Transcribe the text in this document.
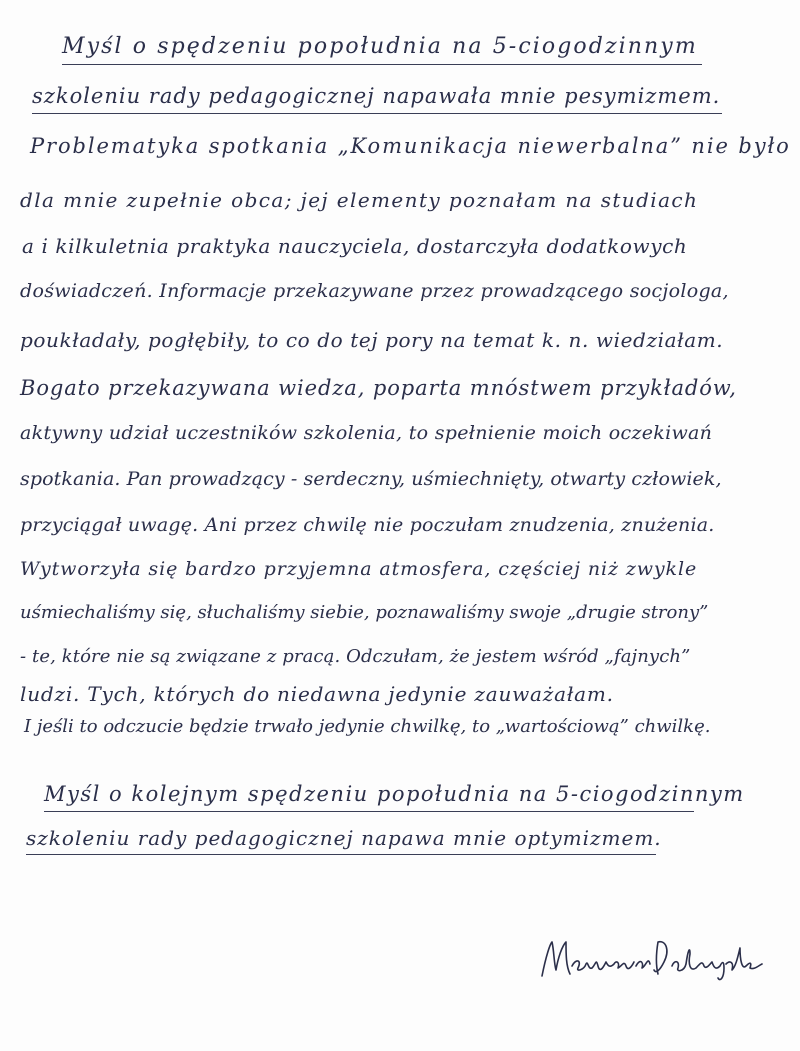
Myśl o spędzeniu popołudnia na 5-ciogodzinnym
szkoleniu rady pedagogicznej napawała mnie pesymizmem.
Problematyka spotkania „Komunikacja niewerbalna” nie było
dla mnie zupełnie obca; jej elementy poznałam na studiach
a i kilkuletnia praktyka nauczyciela, dostarczyła dodatkowych
doświadczeń. Informacje przekazywane przez prowadzącego socjologa,
poukładały, pogłębiły, to co do tej pory na temat k. n. wiedziałam.
Bogato przekazywana wiedza, poparta mnóstwem przykładów,
aktywny udział uczestników szkolenia, to spełnienie moich oczekiwań
spotkania. Pan prowadzący - serdeczny, uśmiechnięty, otwarty człowiek,
przyciągał uwagę. Ani przez chwilę nie poczułam znudzenia, znużenia.
Wytworzyła się bardzo przyjemna atmosfera, częściej niż zwykle
uśmiechaliśmy się, słuchaliśmy siebie, poznawaliśmy swoje „drugie strony”
- te, które nie są związane z pracą. Odczułam, że jestem wśród „fajnych”
ludzi. Tych, których do niedawna jedynie zauważałam.
I jeśli to odczucie będzie trwało jedynie chwilkę, to „wartościową” chwilkę.
Myśl o kolejnym spędzeniu popołudnia na 5-ciogodzinnym
szkoleniu rady pedagogicznej napawa mnie optymizmem.
